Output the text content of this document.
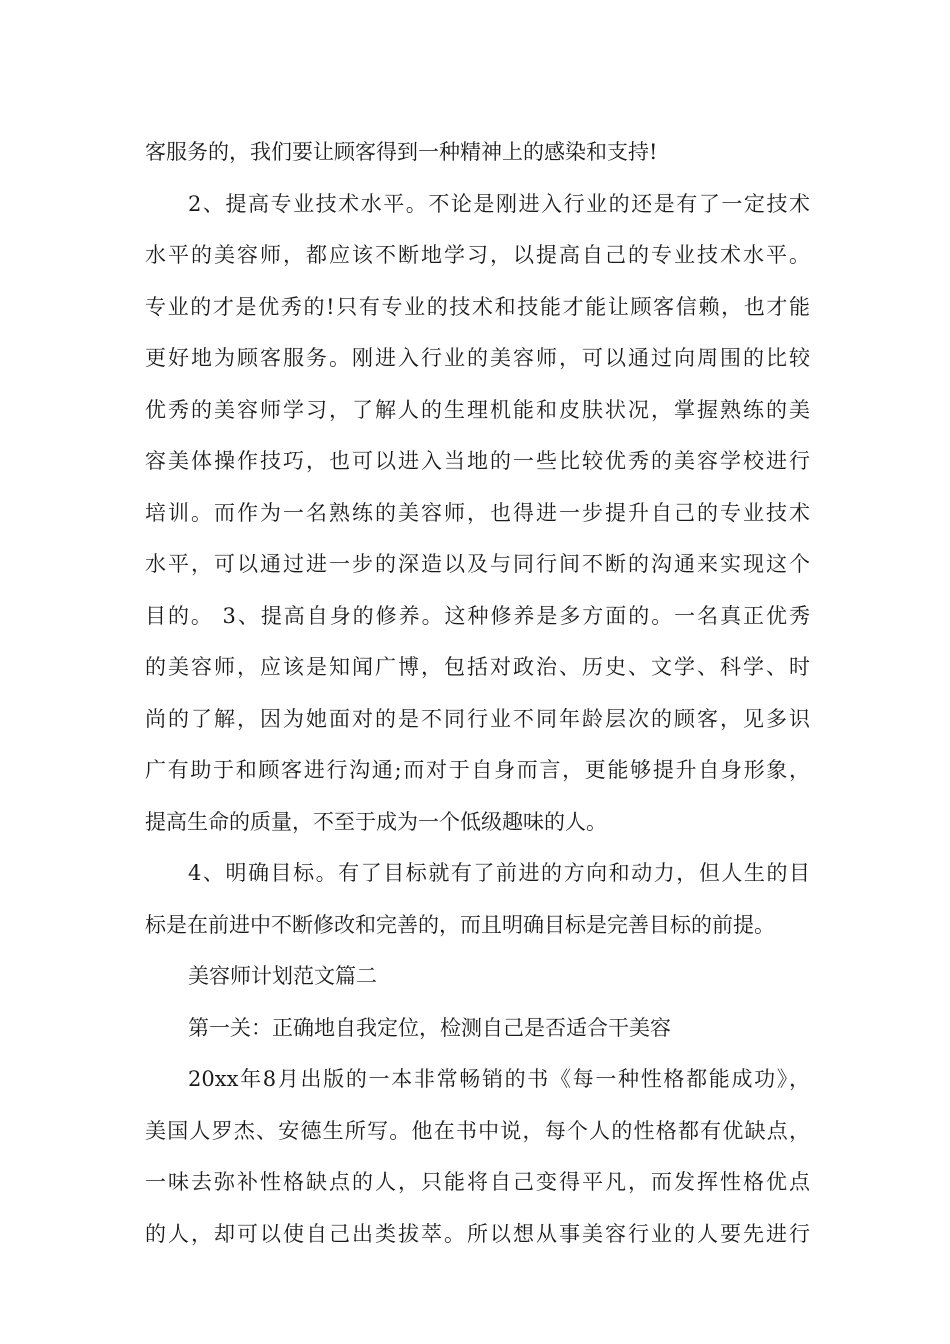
客服务的，我们要让顾客得到一种精神上的感染和支持!
2、提高专业技术水平。不论是刚进入行业的还是有了一定技术
水平的美容师，都应该不断地学习，以提高自己的专业技术水平。
专业的才是优秀的!只有专业的技术和技能才能让顾客信赖，也才能
更好地为顾客服务。刚进入行业的美容师，可以通过向周围的比较
优秀的美容师学习，了解人的生理机能和皮肤状况，掌握熟练的美
容美体操作技巧，也可以进入当地的一些比较优秀的美容学校进行
培训。而作为一名熟练的美容师，也得进一步提升自己的专业技术
水平，可以通过进一步的深造以及与同行间不断的沟通来实现这个
目的。 3、提高自身的修养。这种修养是多方面的。一名真正优秀
的美容师，应该是知闻广博，包括对政治、历史、文学、科学、时
尚的了解，因为她面对的是不同行业不同年龄层次的顾客，见多识
广有助于和顾客进行沟通;而对于自身而言，更能够提升自身形象，
提高生命的质量，不至于成为一个低级趣味的人。
4、明确目标。有了目标就有了前进的方向和动力，但人生的目
标是在前进中不断修改和完善的，而且明确目标是完善目标的前提。
美容师计划范文篇二
第一关：正确地自我定位，检测自己是否适合干美容
20xx年8月出版的一本非常畅销的书《每一种性格都能成功》，
美国人罗杰、安德生所写。他在书中说，每个人的性格都有优缺点，
一味去弥补性格缺点的人，只能将自己变得平凡，而发挥性格优点
的人，却可以使自己出类拔萃。所以想从事美容行业的人要先进行
